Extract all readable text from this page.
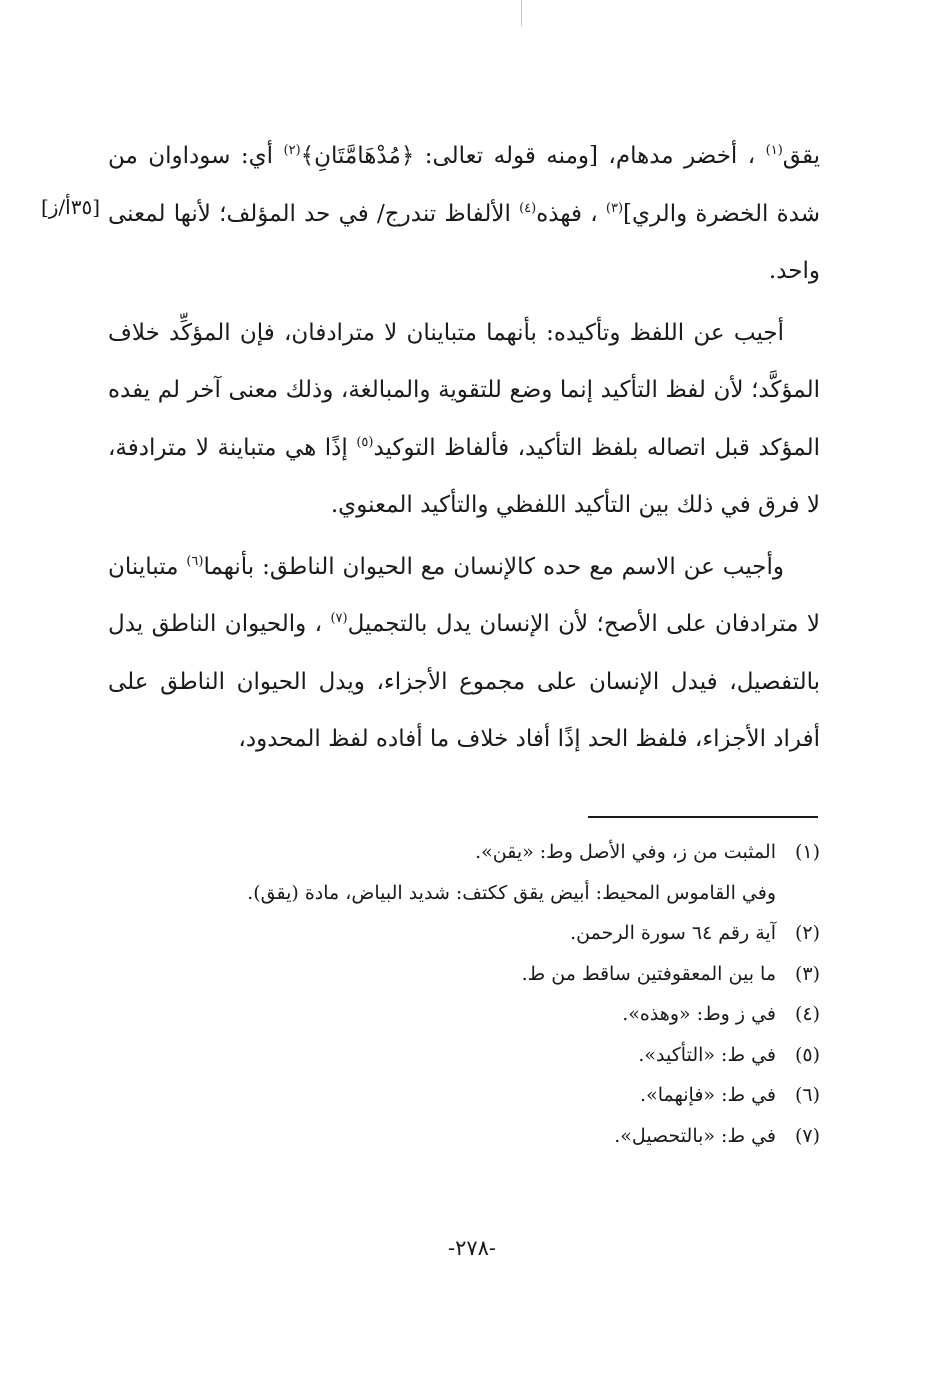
[٣٥أ/ز]

يقق$^{(١)}$ ، أخضر مدهام، [ومنه قوله تعالى: ﴿مُدْهَامَّتَانِ﴾$^{(٢)}$ أي: سوداوان من شدة الخضرة والري]$^{(٣)}$ ، فهذه$^{(٤)}$ الألفاظ تندرج/ في حد المؤلف؛ لأنها لمعنى واحد.

أجيب عن اللفظ وتأكيده: بأنهما متباينان لا مترادفان، فإن المؤكِّد خلاف المؤكَّد؛ لأن لفظ التأكيد إنما وضع للتقوية والمبالغة، وذلك معنى آخر لم يفده المؤكد قبل اتصاله بلفظ التأكيد، فألفاظ التوكيد$^{(٥)}$ إذًا هي متباينة لا مترادفة، لا فرق في ذلك بين التأكيد اللفظي والتأكيد المعنوي.

وأجيب عن الاسم مع حده كالإنسان مع الحيوان الناطق: بأنهما$^{(٦)}$ متباينان لا مترادفان على الأصح؛ لأن الإنسان يدل بالتجميل$^{(٧)}$ ، والحيوان الناطق يدل بالتفصيل، فيدل الإنسان على مجموع الأجزاء، ويدل الحيوان الناطق على أفراد الأجزاء، فلفظ الحد إذًا أفاد خلاف ما أفاده لفظ المحدود،

(١)المثبت من ز، وفي الأصل وط: «يقن».
وفي القاموس المحيط: أبيض يقق ككتف: شديد البياض، مادة (يقق).
(٢)آية رقم ٦٤ سورة الرحمن.
(٣)ما بين المعقوفتين ساقط من ط.
(٤)في ز وط: «وهذه».
(٥)في ط: «التأكيد».
(٦)في ط: «فإنهما».
(٧)في ط: «بالتحصيل».
-٢٧٨-
